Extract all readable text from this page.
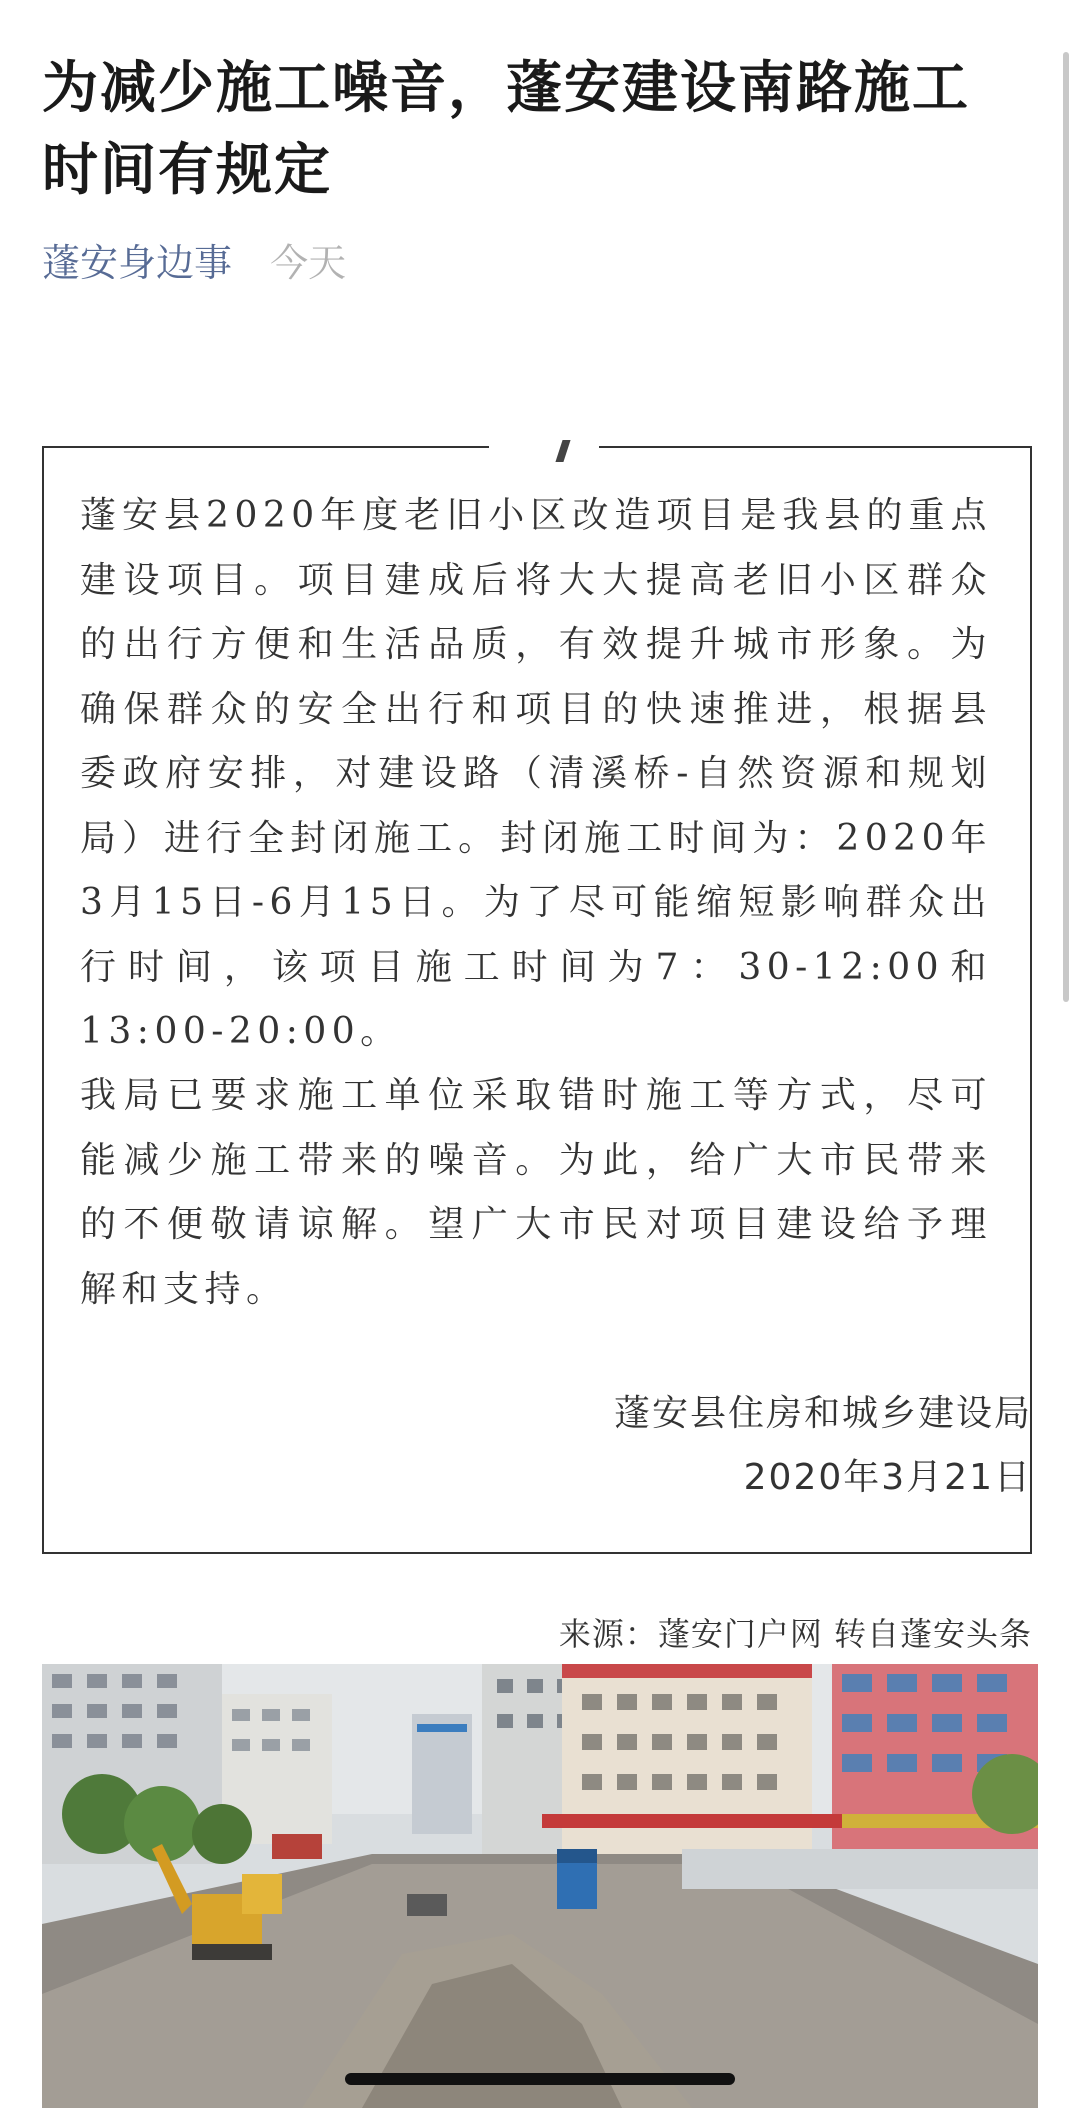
为减少施工噪音，蓬安建设南路施工时间有规定
蓬安身边事 今天

蓬安县2020年度老旧小区改造项目是我县的重点建设项目。项目建成后将大大提高老旧小区群众的出行方便和生活品质，有效提升城市形象。为确保群众的安全出行和项目的快速推进，根据县委政府安排，对建设路（清溪桥-自然资源和规划局）进行全封闭施工。封闭施工时间为：2020年3月15日-6月15日。为了尽可能缩短影响群众出行时间，该项目施工时间为7：30-12:00和13:00-20:00。

我局已要求施工单位采取错时施工等方式，尽可能减少施工带来的噪音。为此，给广大市民带来的不便敬请谅解。望广大市民对项目建设给予理解和支持。

蓬安县住房和城乡建设局
2020年3月21日
来源：蓬安门户网 转自蓬安头条
